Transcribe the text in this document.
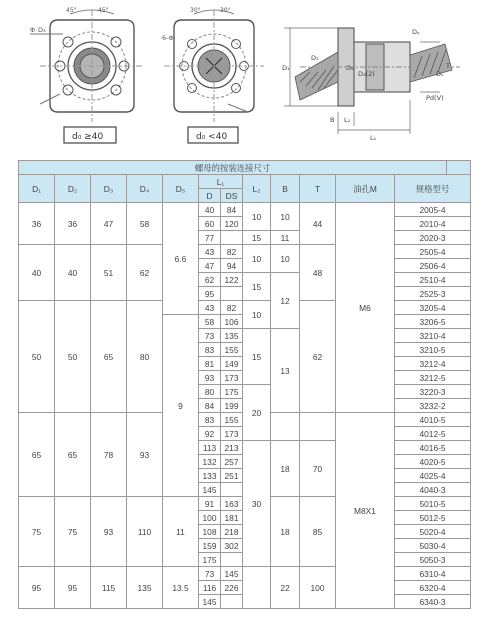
45°	45°
Φ D₃
d₀ ≥40
30°	30°
6-Φ
d₀ <40
D₁
D₅
D₆
D₂(2)
Dₚ
Dₛ
B L₂
L₁
T
Pd(V)
螺母的按装连接尺寸												
D₁	D₂	D₃	D₄	D₅	L₁		L₂	B	T	油孔M	规格型号	
					D	DS						
36	36	47	58	6.6	40	84	10	10	44	M6	2005-4	
					60	120					2010-4	
					77		15	11			2020-3	
40	40	51	62		43	82	10	10	48		2505-4	
					47	94					2506-4	
					62	122	15	12			2510-4	
					95						2525-3	
50	50	65	80		43	82	10		62		3205-4	
				9	58	106					3206-5	
					73	135	15	13			3210-4	
					83	155					3210-5	
					81	149					3212-4	
					93	173					3212-5	
					80	175	20				3220-3	
					84	199					3232-2	
65	65	78	93		83	155				M8X1	4010-5	
					92	173					4012-5	
					113	213	30	18	70		4016-5	
					132	257					4020-5	
					133	251					4025-4	
					145						4040-3	
75	75	93	110	11	91	163		18	85		5010-5	
					100	181					5012-5	
					108	218					5020-4	
					159	302					5030-4	
					175						5050-3	
95	95	115	135	13.5	73	145		22	100		6310-4	
					116	226					6320-4	
					145						6340-3	
